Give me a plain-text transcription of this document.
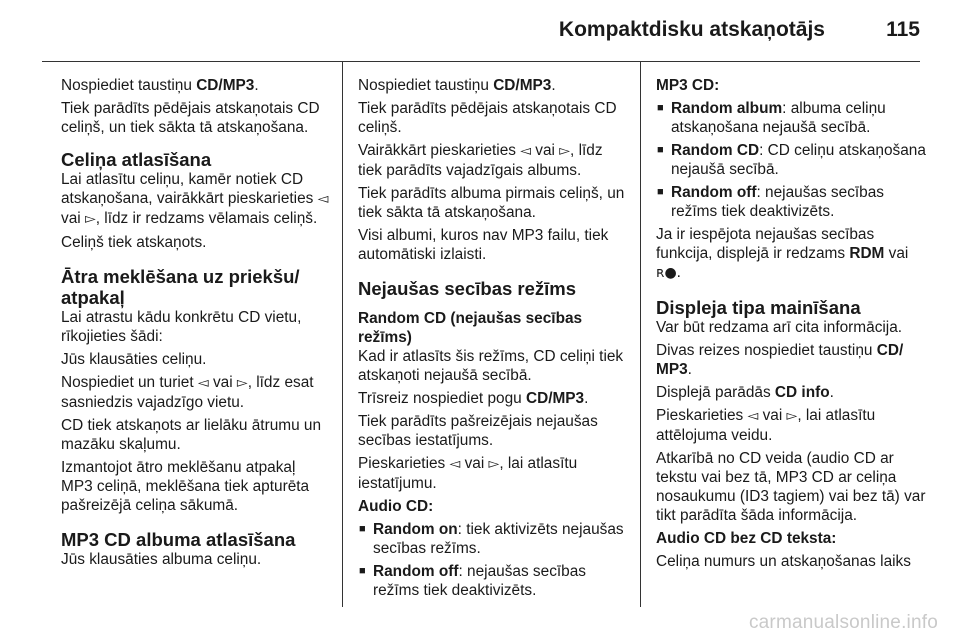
Kompaktdisku atskaņotājs	115

Nospiediet taustiņu CD/MP3.

Tiek parādīts pēdējais atskaņotais CD celiņš, un tiek sākta tā atskaņošana.

Celiņa atlasīšana

Lai atlasītu celiņu, kamēr notiek CD atskaņošana, vairākkārt pieskarieties ◅ vai ▻, līdz ir redzams vēlamais celiņš.

Celiņš tiek atskaņots.

Ātra meklēšana uz priekšu/ atpakaļ

Lai atrastu kādu konkrētu CD vietu, rīkojieties šādi:

Jūs klausāties celiņu.

Nospiediet un turiet ◅ vai ▻, līdz esat sasniedzis vajadzīgo vietu.

CD tiek atskaņots ar lielāku ātrumu un mazāku skaļumu.

Izmantojot ātro meklēšanu atpakaļ MP3 celiņā, meklēšana tiek apturēta pašreizējā celiņa sākumā.

MP3 CD albuma atlasīšana

Jūs klausāties albuma celiņu.

Nospiediet taustiņu CD/MP3.

Tiek parādīts pēdējais atskaņotais CD celiņš.

Vairākkārt pieskarieties ◅ vai ▻, līdz tiek parādīts vajadzīgais albums.

Tiek parādīts albuma pirmais celiņš, un tiek sākta tā atskaņošana.

Visi albumi, kuros nav MP3 failu, tiek automātiski izlaisti.

Nejaušas secības režīms

Random CD (nejaušas secības režīms)

Kad ir atlasīts šis režīms, CD celiņi tiek atskaņoti nejaušā secībā.

Trīsreiz nospiediet pogu CD/MP3.

Tiek parādīts pašreizējais nejaušas secības iestatījums.

Pieskarieties ◅ vai ▻, lai atlasītu iestatījumu.

Audio CD:

■ Random on: tiek aktivizēts nejaušas secības režīms.

■ Random off: nejaušas secības režīms tiek deaktivizēts.

MP3 CD:

■ Random album: albuma celiņu atskaņošana nejaušā secībā.

■ Random CD: CD celiņu atskaņošana nejaušā secībā.

■ Random off: nejaušas secības režīms tiek deaktivizēts.

Ja ir iespējota nejaušas secības funkcija, displejā ir redzams RDM vai
ʀ●.

Displeja tipa mainīšana

Var būt redzama arī cita informācija.

Divas reizes nospiediet taustiņu CD/ MP3.

Displejā parādās CD info.

Pieskarieties ◅ vai ▻, lai atlasītu attēlojuma veidu.

Atkarībā no CD veida (audio CD ar tekstu vai bez tā, MP3 CD ar celiņa nosaukumu (ID3 tagiem) vai bez tā) var tikt parādīta šāda informācija.

Audio CD bez CD teksta:

Celiņa numurs un atskaņošanas laiks

carmanualsonline.info
